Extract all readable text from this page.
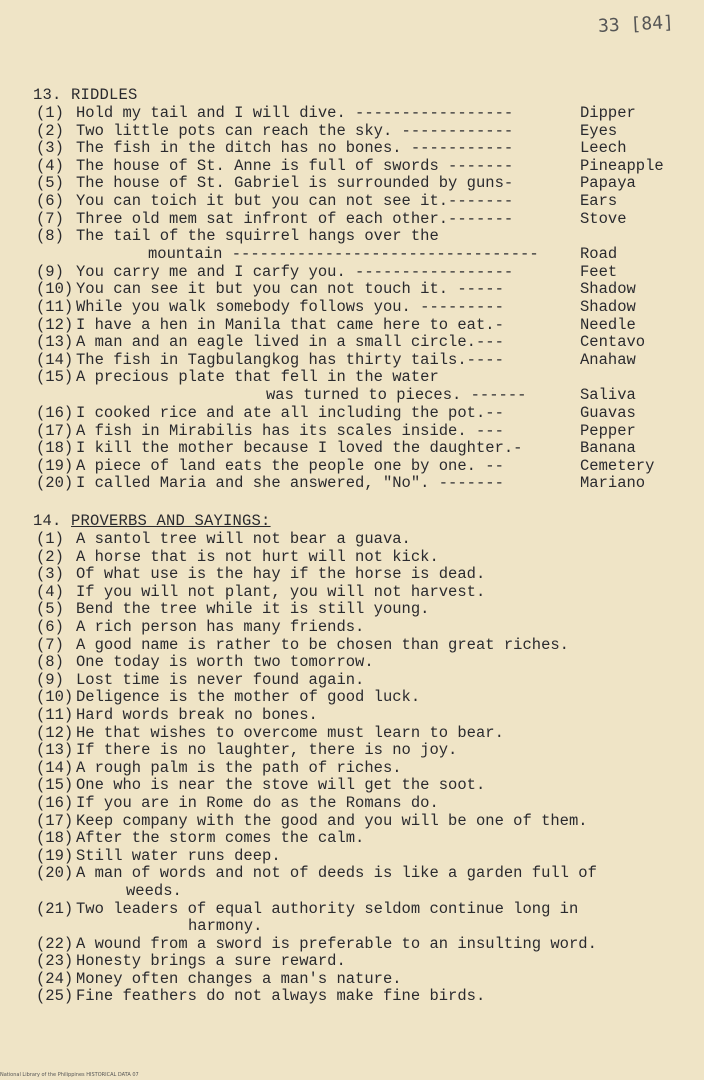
33 [84]
13. RIDDLES
(1) Hold my tail and I will dive. -----------------	Dipper
(2) Two little pots can reach the sky. ------------	Eyes
(3) The fish in the ditch has no bones. -----------	Leech
(4) The house of St. Anne is full of swords -------	Pineapple
(5) The house of St. Gabriel is surrounded by guns-	Papaya
(6) You can toich it but you can not see it.-------	Ears
(7) Three old mem sat infront of each other.-------	Stove
(8) The tail of the squirrel hangs over the
mountain ---------------------------------	Road
(9) You carry me and I carfy you. -----------------	Feet
(10) You can see it but you can not touch it. -----	Shadow
(11) While you walk somebody follows you. ---------	Shadow
(12) I have a hen in Manila that came here to eat.-	Needle
(13) A man and an eagle lived in a small circle.---	Centavo
(14) The fish in Tagbulangkog has thirty tails.----	Anahaw
(15) A precious plate that fell in the water
was turned to pieces. ------	Saliva
(16) I cooked rice and ate all including the pot.--	Guavas
(17) A fish in Mirabilis has its scales inside. ---	Pepper
(18) I kill the mother because I loved the daughter.-	Banana
(19) A piece of land eats the people one by one. --	Cemetery
(20) I called Maria and she answered, "No". -------	Mariano
14. PROVERBS AND SAYINGS:
(1) A santol tree will not bear a guava.
(2) A horse that is not hurt will not kick.
(3) Of what use is the hay if the horse is dead.
(4) If you will not plant, you will not harvest.
(5) Bend the tree while it is still young.
(6) A rich person has many friends.
(7) A good name is rather to be chosen than great riches.
(8) One today is worth two tomorrow.
(9) Lost time is never found again.
(10) Deligence is the mother of good luck.
(11) Hard words break no bones.
(12) He that wishes to overcome must learn to bear.
(13) If there is no laughter, there is no joy.
(14) A rough palm is the path of riches.
(15) One who is near the stove will get the soot.
(16) If you are in Rome do as the Romans do.
(17) Keep company with the good and you will be one of them.
(18) After the storm comes the calm.
(19) Still water runs deep.
(20) A man of words and not of deeds is like a garden full of
weeds.
(21) Two leaders of equal authority seldom continue long in
harmony.
(22) A wound from a sword is preferable to an insulting word.
(23) Honesty brings a sure reward.
(24) Money often changes a man's nature.
(25) Fine feathers do not always make fine birds.
National Library of the Philippines HISTORICAL DATA 07
